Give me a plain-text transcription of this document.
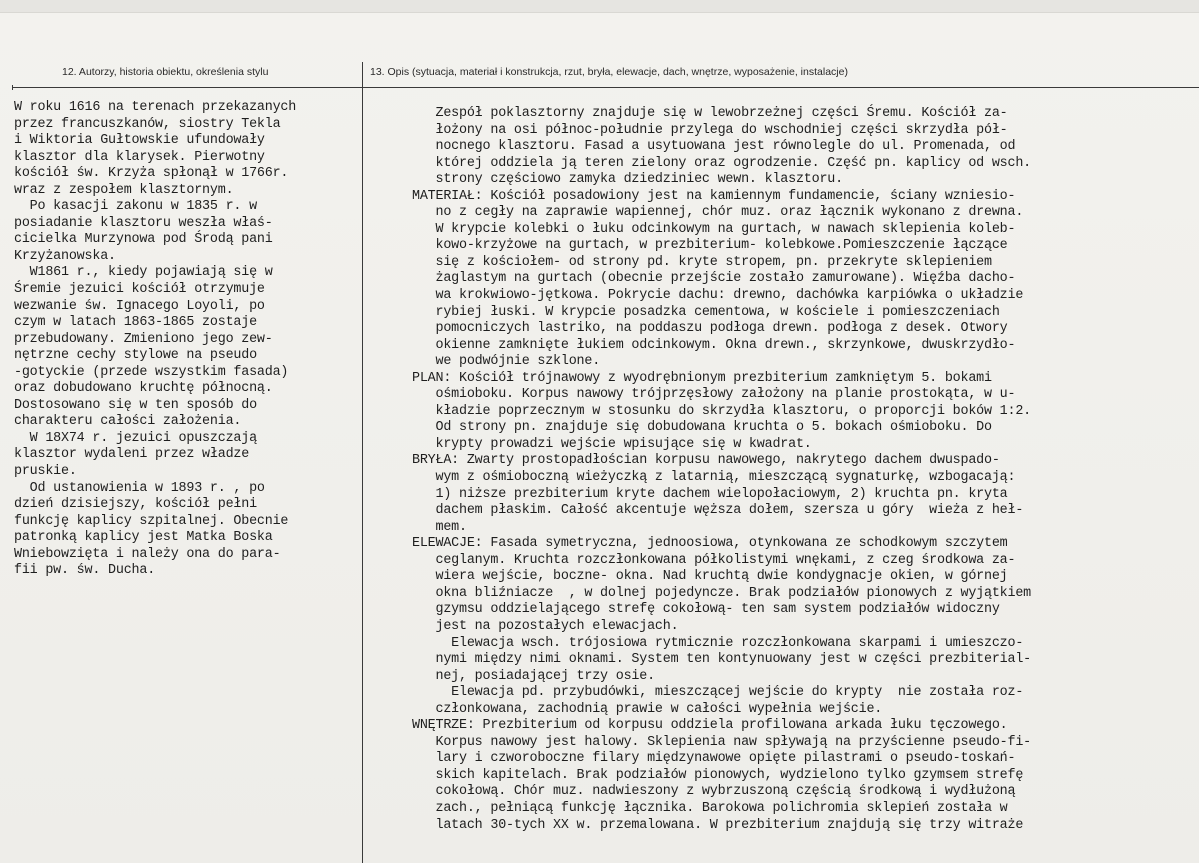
12. Autorzy, historia obiektu, określenia stylu	13. Opis (sytuacja, materiał i konstrukcja, rzut, bryła, elewacje, dach, wnętrze, wyposażenie, instalacje)
W roku 1616 na terenach przekazanych
przez francuszkanów, siostry Tekla
i Wiktoria Gułtowskie ufundowały
klasztor dla klarysek. Pierwotny
kościół św. Krzyża spłonął w 1766r.
wraz z zespołem klasztornym.
Po kasacji zakonu w 1835 r. w
posiadanie klasztoru weszła właś-
cicielka Murzynowa pod Środą pani
Krzyżanowska.
W1861 r., kiedy pojawiają się w
Śremie jezuici kościół otrzymuje
wezwanie św. Ignacego Loyoli, po
czym w latach 1863-1865 zostaje
przebudowany. Zmieniono jego zew-
nętrzne cechy stylowe na pseudo
-gotyckie (przede wszystkim fasada)
oraz dobudowano kruchtę północną.
Dostosowano się w ten sposób do
charakteru całości założenia.
W 18X74 r. jezuici opuszczają
klasztor wydaleni przez władze
pruskie.
Od ustanowienia w 1893 r. , po
dzień dzisiejszy, kościół pełni
funkcję kaplicy szpitalnej. Obecnie
patronką kaplicy jest Matka Boska
Wniebowzięta i należy ona do para-
fii pw. św. Ducha.
Zespół poklasztorny znajduje się w lewobrzeżnej części Śremu. Kościół za-
łożony na osi północ-południe przylega do wschodniej części skrzydła pół-
nocnego klasztoru. Fasad a usytuowana jest równolegle do ul. Promenada, od
której oddziela ją teren zielony oraz ogrodzenie. Część pn. kaplicy od wsch.
strony częściowo zamyka dziedziniec wewn. klasztoru.
MATERIAŁ: Kościół posadowiony jest na kamiennym fundamencie, ściany wzniesio-
no z cegły na zaprawie wapiennej, chór muz. oraz łącznik wykonano z drewna.
W krypcie kolebki o łuku odcinkowym na gurtach, w nawach sklepienia koleb-
kowo-krzyżowe na gurtach, w prezbiterium- kolebkowe.Pomieszczenie łączące
się z kościołem- od strony pd. kryte stropem, pn. przekryte sklepieniem
żaglastym na gurtach (obecnie przejście zostało zamurowane). Więźba dacho-
wa krokwiowo-jętkowa. Pokrycie dachu: drewno, dachówka karpiówka o układzie
rybiej łuski. W krypcie posadzka cementowa, w kościele i pomieszczeniach
pomocniczych lastriko, na poddaszu podłoga drewn. podłoga z desek. Otwory
okienne zamknięte łukiem odcinkowym. Okna drewn., skrzynkowe, dwuskrzydło-
we podwójnie szklone.
PLAN: Kościół trójnawowy z wyodrębnionym prezbiterium zamkniętym 5. bokami
ośmioboku. Korpus nawowy trójprzęsłowy założony na planie prostokąta, w u-
kładzie poprzecznym w stosunku do skrzydła klasztoru, o proporcji boków 1:2.
Od strony pn. znajduje się dobudowana kruchta o 5. bokach ośmioboku. Do
krypty prowadzi wejście wpisujące się w kwadrat.
BRYŁA: Zwarty prostopadłościan korpusu nawowego, nakrytego dachem dwuspado-
wym z ośmioboczną wieżyczką z latarnią, mieszczącą sygnaturkę, wzbogacają:
1) niższe prezbiterium kryte dachem wielopołaciowym, 2) kruchta pn. kryta
dachem płaskim. Całość akcentuje węższa dołem, szersza u góry  wieża z heł-
mem.
ELEWACJE: Fasada symetryczna, jednoosiowa, otynkowana ze schodkowym szczytem
ceglanym. Kruchta rozczłonkowana półkolistymi wnękami, z czeg środkowa za-
wiera wejście, boczne- okna. Nad kruchtą dwie kondygnacje okien, w górnej
okna bliźniacze  , w dolnej pojedyncze. Brak podziałów pionowych z wyjątkiem
gzymsu oddzielającego strefę cokołową- ten sam system podziałów widoczny
jest na pozostałych elewacjach.
Elewacja wsch. trójosiowa rytmicznie rozczłonkowana skarpami i umieszczo-
nymi między nimi oknami. System ten kontynuowany jest w części prezbiterial-
nej, posiadającej trzy osie.
Elewacja pd. przybudówki, mieszczącej wejście do krypty  nie została roz-
członkowana, zachodnią prawie w całości wypełnia wejście.
WNĘTRZE: Prezbiterium od korpusu oddziela profilowana arkada łuku tęczowego.
Korpus nawowy jest halowy. Sklepienia naw spływają na przyścienne pseudo-fi-
lary i czworoboczne filary międzynawowe opięte pilastrami o pseudo-toskań-
skich kapitelach. Brak podziałów pionowych, wydzielono tylko gzymsem strefę
cokołową. Chór muz. nadwieszony z wybrzuszoną częścią środkową i wydłużoną
zach., pełniącą funkcję łącznika. Barokowa polichromia sklepień została w
latach 30-tych XX w. przemalowana. W prezbiterium znajdują się trzy witraże
